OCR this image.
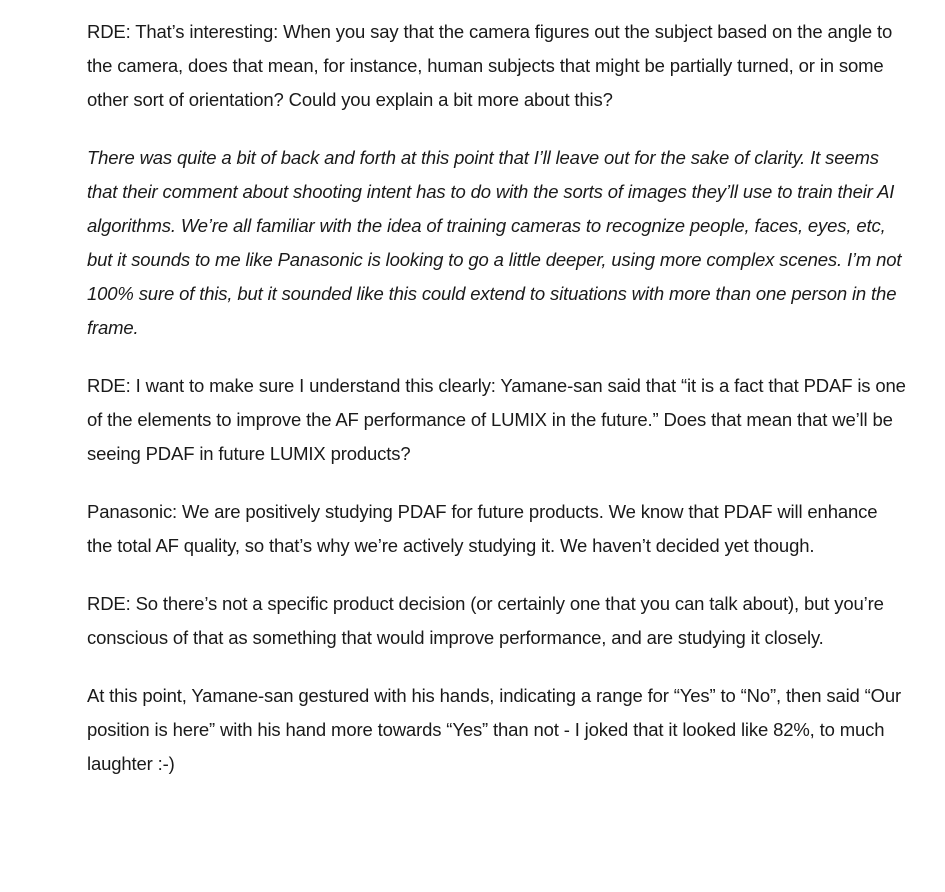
RDE: That’s interesting: When you say that the camera figures out the subject based on the angle to the camera, does that mean, for instance, human subjects that might be partially turned, or in some other sort of orientation? Could you explain a bit more about this?

There was quite a bit of back and forth at this point that I’ll leave out for the sake of clarity. It seems that their comment about shooting intent has to do with the sorts of images they’ll use to train their AI algorithms. We’re all familiar with the idea of training cameras to recognize people, faces, eyes, etc, but it sounds to me like Panasonic is looking to go a little deeper, using more complex scenes. I’m not 100% sure of this, but it sounded like this could extend to situations with more than one person in the frame.

RDE: I want to make sure I understand this clearly: Yamane-san said that “it is a fact that PDAF is one of the elements to improve the AF performance of LUMIX in the future.” Does that mean that we’ll be seeing PDAF in future LUMIX products?

Panasonic: We are positively studying PDAF for future products. We know that PDAF will enhance the total AF quality, so that’s why we’re actively studying it. We haven’t decided yet though.

RDE: So there’s not a specific product decision (or certainly one that you can talk about), but you’re conscious of that as something that would improve performance, and are studying it closely.

At this point, Yamane-san gestured with his hands, indicating a range for “Yes” to “No”, then said “Our position is here” with his hand more towards “Yes” than not - I joked that it looked like 82%, to much laughter :-)
